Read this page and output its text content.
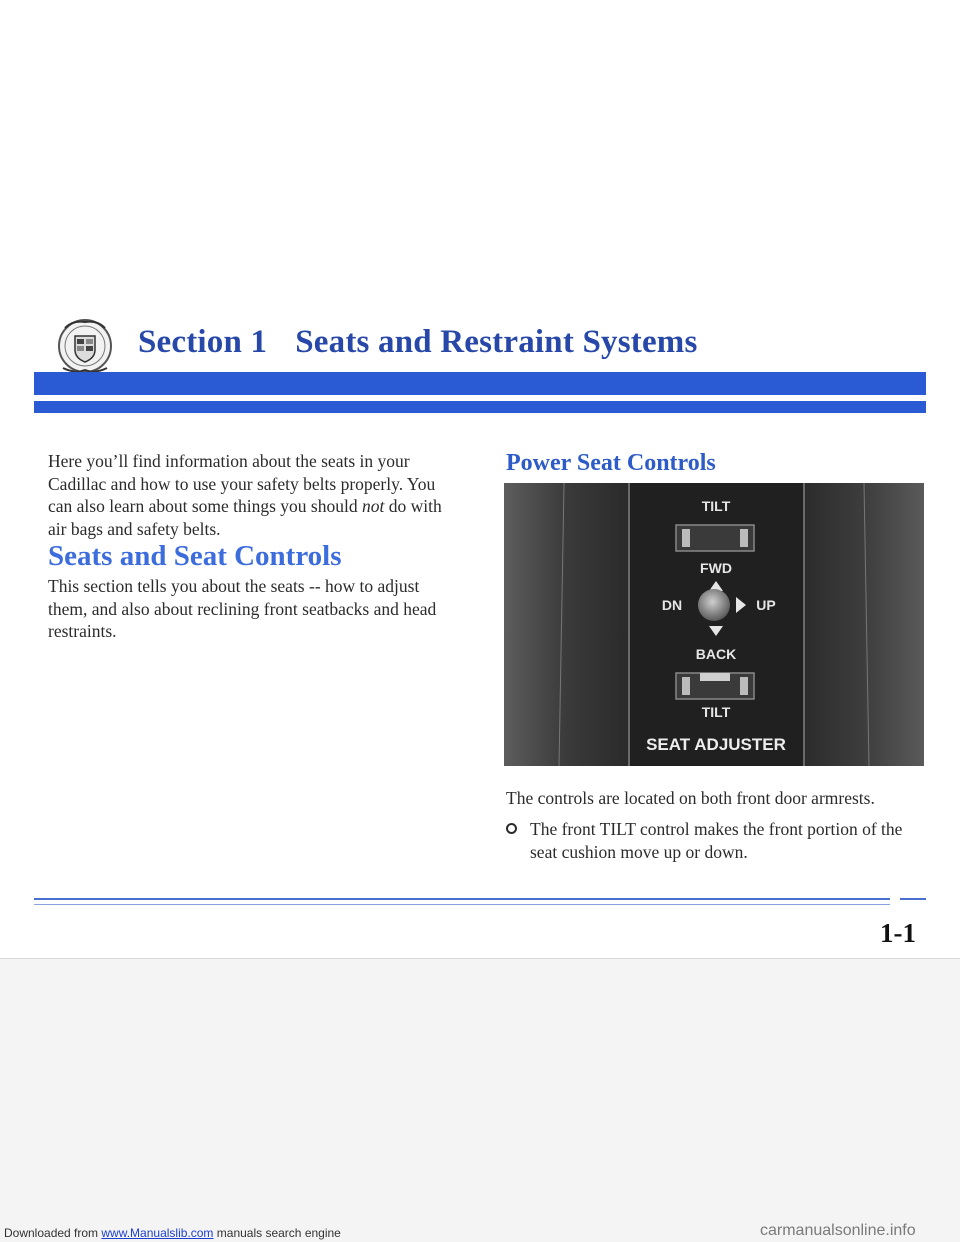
Section 1 Seats and Restraint Systems
Here you’ll find information about the seats in your Cadillac and how to use your safety belts properly. You can also learn about some things you should not do with air bags and safety belts.
Seats and Seat Controls
This section tells you about the seats -- how to adjust them, and also about reclining front seatbacks and head restraints.
Power Seat Controls
TILT
FWD
DN	UP
BACK
TILT
SEAT ADJUSTER
The controls are located on both front door armrests.
The front TILT control makes the front portion of the seat cushion move up or down.
1-1
Downloaded from www.Manualslib.com manuals search engine	carmanualsonline.info
